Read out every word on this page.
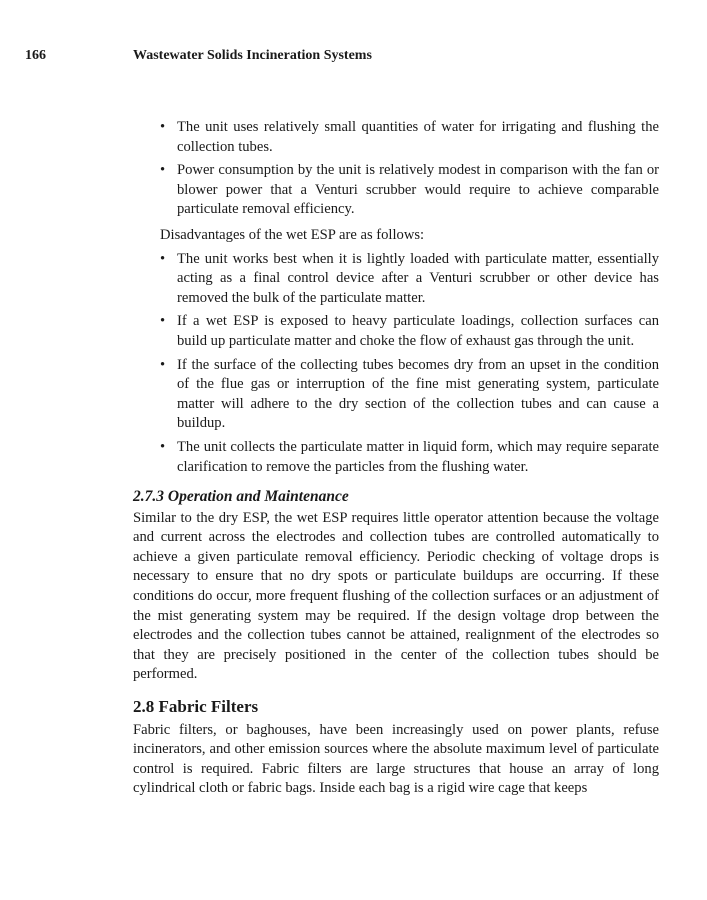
166	Wastewater Solids Incineration Systems
• The unit uses relatively small quantities of water for irrigating and flushing the collection tubes.
• Power consumption by the unit is relatively modest in comparison with the fan or blower power that a Venturi scrubber would require to achieve comparable particulate removal efficiency.

Disadvantages of the wet ESP are as follows:

• The unit works best when it is lightly loaded with particulate matter, essentially acting as a final control device after a Venturi scrubber or other device has removed the bulk of the particulate matter.
• If a wet ESP is exposed to heavy particulate loadings, collection surfaces can build up particulate matter and choke the flow of exhaust gas through the unit.
• If the surface of the collecting tubes becomes dry from an upset in the condition of the flue gas or interruption of the fine mist generating system, particulate matter will adhere to the dry section of the collection tubes and can cause a buildup.
• The unit collects the particulate matter in liquid form, which may require separate clarification to remove the particles from the flushing water.
2.7.3 Operation and Maintenance

Similar to the dry ESP, the wet ESP requires little operator attention because the voltage and current across the electrodes and collection tubes are controlled automatically to achieve a given particulate removal efficiency. Periodic checking of voltage drops is necessary to ensure that no dry spots or particulate buildups are occurring. If these conditions do occur, more frequent flushing of the collection surfaces or an adjustment of the mist generating system may be required. If the design voltage drop between the electrodes and the collection tubes cannot be attained, realignment of the electrodes so that they are precisely positioned in the center of the collection tubes should be performed.

2.8 Fabric Filters

Fabric filters, or baghouses, have been increasingly used on power plants, refuse incinerators, and other emission sources where the absolute maximum level of particulate control is required. Fabric filters are large structures that house an array of long cylindrical cloth or fabric bags. Inside each bag is a rigid wire cage that keeps
